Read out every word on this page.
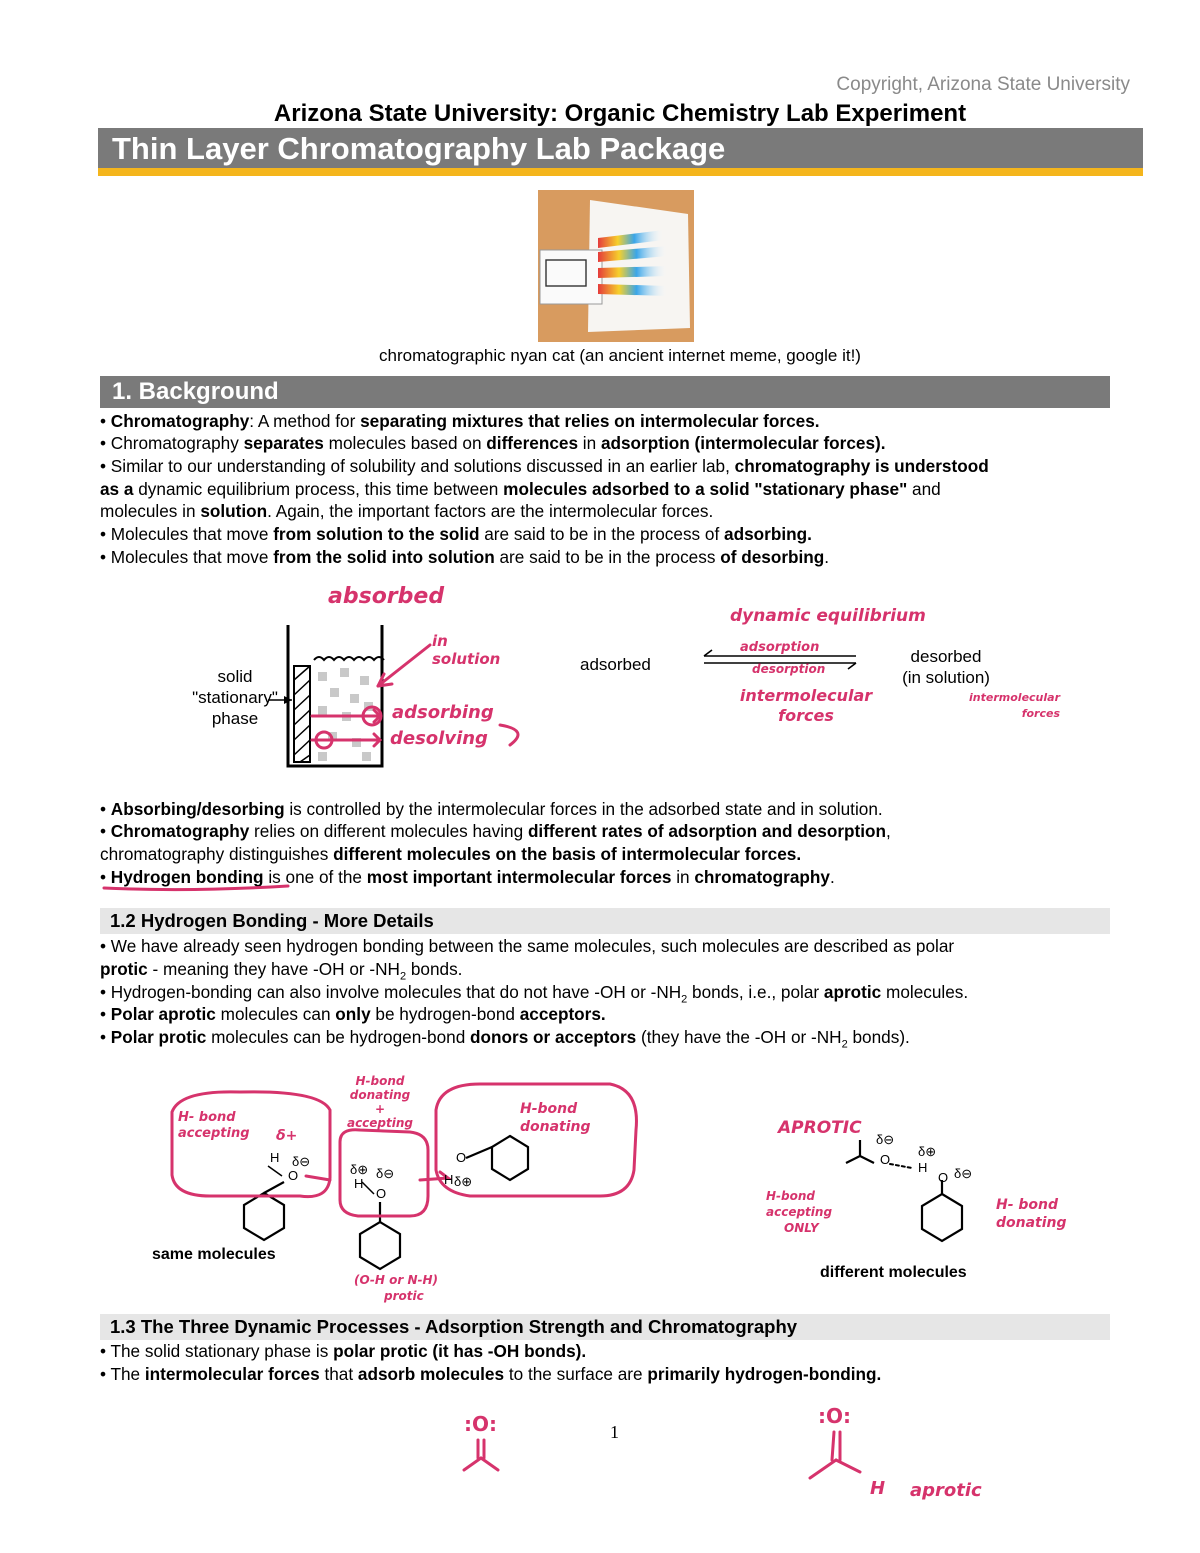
Copyright, Arizona State University
Arizona State University: Organic Chemistry Lab Experiment
Thin Layer Chromatography Lab Package
chromatographic nyan cat (an ancient internet meme, google it!)
1. Background
• Chromatography: A method for separating mixtures that relies on intermolecular forces.
• Chromatography separates molecules based on differences in adsorption (intermolecular forces).
• Similar to our understanding of solubility and solutions discussed in an earlier lab, chromatography is understood
as a dynamic equilibrium process, this time between molecules adsorbed to a solid "stationary phase" and
molecules in solution. Again, the important factors are the intermolecular forces.
• Molecules that move from solution to the solid are said to be in the process of adsorbing.
• Molecules that move from the solid into solution are said to be in the process of desorbing.
solid
"stationary"
phase
absorbed
in
solution
adsorbing
desolving
adsorbed	desorbed
(in solution)
dynamic equilibrium
adsorption
desorption
intermolecular
forces
intermolecular
forces
• Absorbing/desorbing is controlled by the intermolecular forces in the adsorbed state and in solution.
• Chromatography relies on different molecules having different rates of adsorption and desorption,
chromatography distinguishes different molecules on the basis of intermolecular forces.
• Hydrogen bonding is one of the most important intermolecular forces in chromatography.
1.2 Hydrogen Bonding - More Details
• We have already seen hydrogen bonding between the same molecules, such molecules are described as polar
protic - meaning they have -OH or $-NH_2$ bonds.
• Hydrogen-bonding can also involve molecules that do not have -OH or $-NH_2$ bonds, i.e., polar aprotic molecules.
• Polar aprotic molecules can only be hydrogen-bond acceptors.
• Polar protic molecules can be hydrogen-bond donors or acceptors (they have the -OH or $-NH_2$ bonds).
H- bond
accepting δ+
H-bond
donating
+
accepting
H-bond
donating
H
O
δ⊖
δ⊕
H
O
δ⊖
O
H δ⊕
same molecules
(O-H or N-H)
protic
APROTIC
δ⊖
O
δ⊕
H
O δ⊖
H-bond
accepting
ONLY
H- bond
donating
different molecules
1.3 The Three Dynamic Processes - Adsorption Strength and Chromatography
• The solid stationary phase is polar protic (it has -OH bonds).
• The intermolecular forces that adsorb molecules to the surface are primarily hydrogen-bonding.
:O:	:O:
H aprotic
1
